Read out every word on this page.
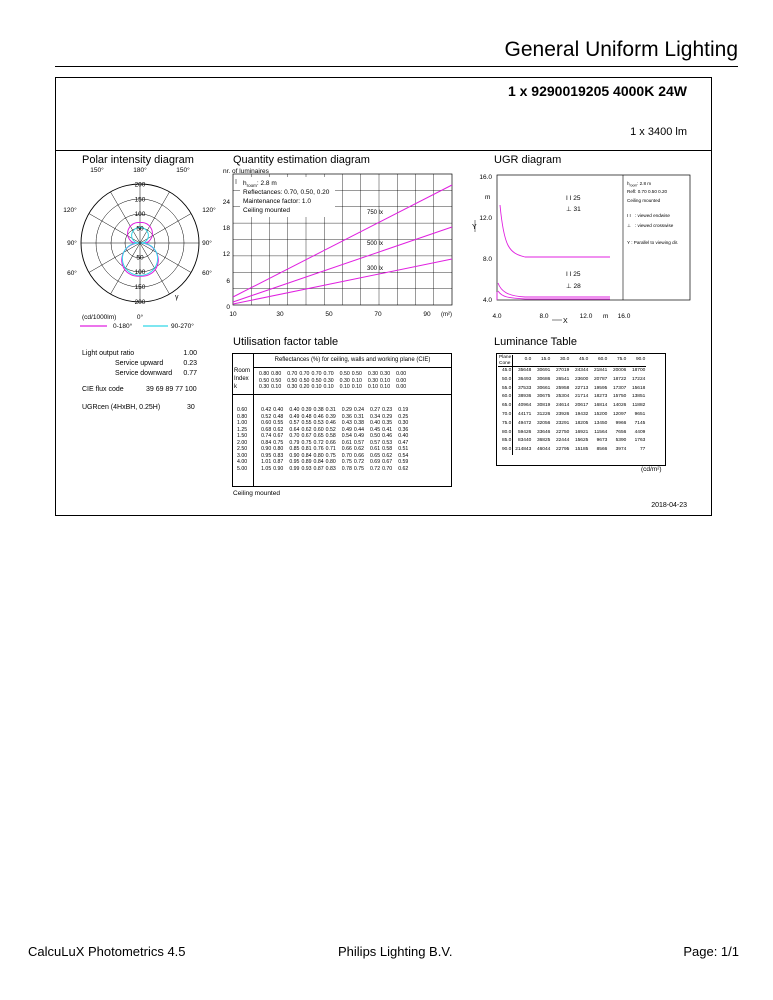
General Uniform Lighting
1 x 9290019205 4000K 24W
1 x 3400 lm
Polar intensity diagram
150°	180°	150°
120°
90°
60°
120°
90°
60°
200
150
100
50
50
100
150
200
0°
γ
(cd/1000lm)
0-180°	90-270°
Quantity estimation diagram
nr. of luminaires
$h_{room}$: 2.8 m
Reflectances: 0.70, 0.50, 0.20
Maintenance factor: 1.0
Ceiling mounted
24
18
12
6
0
10	30	50	70	90 (m²)
750 lx
500 lx
300 lx
UGR diagram
16.0
12.0
8.0
4.0
m
Y
4.0	8.0	12.0	16.0
m
X
I I 25
⊥ 31
I I 25
⊥ 28
$h_{room}$: 2.8 m
Refl: 0.70 0.50 0.20
Ceiling mounted
I I : viewed endwise
⊥ : viewed crosswise
Y : Parallel to viewing dir.
Light output ratio	1.00
Service upward	0.23
Service downward 0.77
CIE flux code	39 69 89 77 100
UGRcen (4HxBH, 0.25H)	30
Utilisation factor table
Reflectances (%) for ceiling, walls and working plane (CIE)
Room
Index
k
0.80	0.80	0.70	0.70	0.70	0.70	0.50	0.50	0.30	0.30	0.00
0.50	0.50	0.50	0.50	0.50	0.30	0.30	0.10	0.30	0.10	0.00
0.30	0.10	0.30	0.20	0.10	0.10	0.10	0.10	0.10	0.10	0.00
0.60	0.42	0.40	0.40	0.39	0.38	0.31	0.29	0.24	0.27	0.23	0.19
0.80	0.52	0.48	0.49	0.48	0.46	0.39	0.36	0.31	0.34	0.29	0.25
1.00	0.60	0.55	0.57	0.55	0.53	0.46	0.43	0.38	0.40	0.35	0.30
1.25	0.68	0.62	0.64	0.62	0.60	0.52	0.49	0.44	0.45	0.41	0.36
1.50	0.74	0.67	0.70	0.67	0.65	0.58	0.54	0.49	0.50	0.46	0.40
2.00	0.84	0.75	0.79	0.75	0.72	0.66	0.61	0.57	0.57	0.53	0.47
2.50	0.90	0.80	0.85	0.81	0.76	0.71	0.66	0.62	0.61	0.58	0.51
3.00	0.95	0.83	0.90	0.84	0.80	0.75	0.70	0.66	0.65	0.62	0.54
4.00	1.01	0.87	0.95	0.89	0.84	0.80	0.75	0.72	0.69	0.67	0.59
5.00	1.05	0.90	0.99	0.93	0.87	0.83	0.78	0.75	0.72	0.70	0.62
Ceiling mounted
Luminance Table
Plane
Cone	0.0	15.0	30.0	45.0	60.0	75.0	90.0
45.0	35648	30691	27019	24344	21841	20006	18700
50.0	36493	30686	26541	23600	20787	18722	17224
55.0	37533	30661	25958	22713	19595	17307	15618
60.0	38936	30675	25304	21714	18273	15750	13851
65.0	40964	30819	24614	20617	16814	14026	11882
70.0	44171	31226	23926	19432	15200	12097	9651
75.0	49472	32056	23291	18205	13450	9966	7145
80.0	59426	33646	22750	16921	11564	7656	4409
85.0	83440	36825	22444	15625	9673	5390	1763
90.0	214843	46044	22795	15185	8566	3974	77
(cd/m²)
2018-04-23
CalcuLuX Photometrics 4.5	Philips Lighting B.V.	Page: 1/1
